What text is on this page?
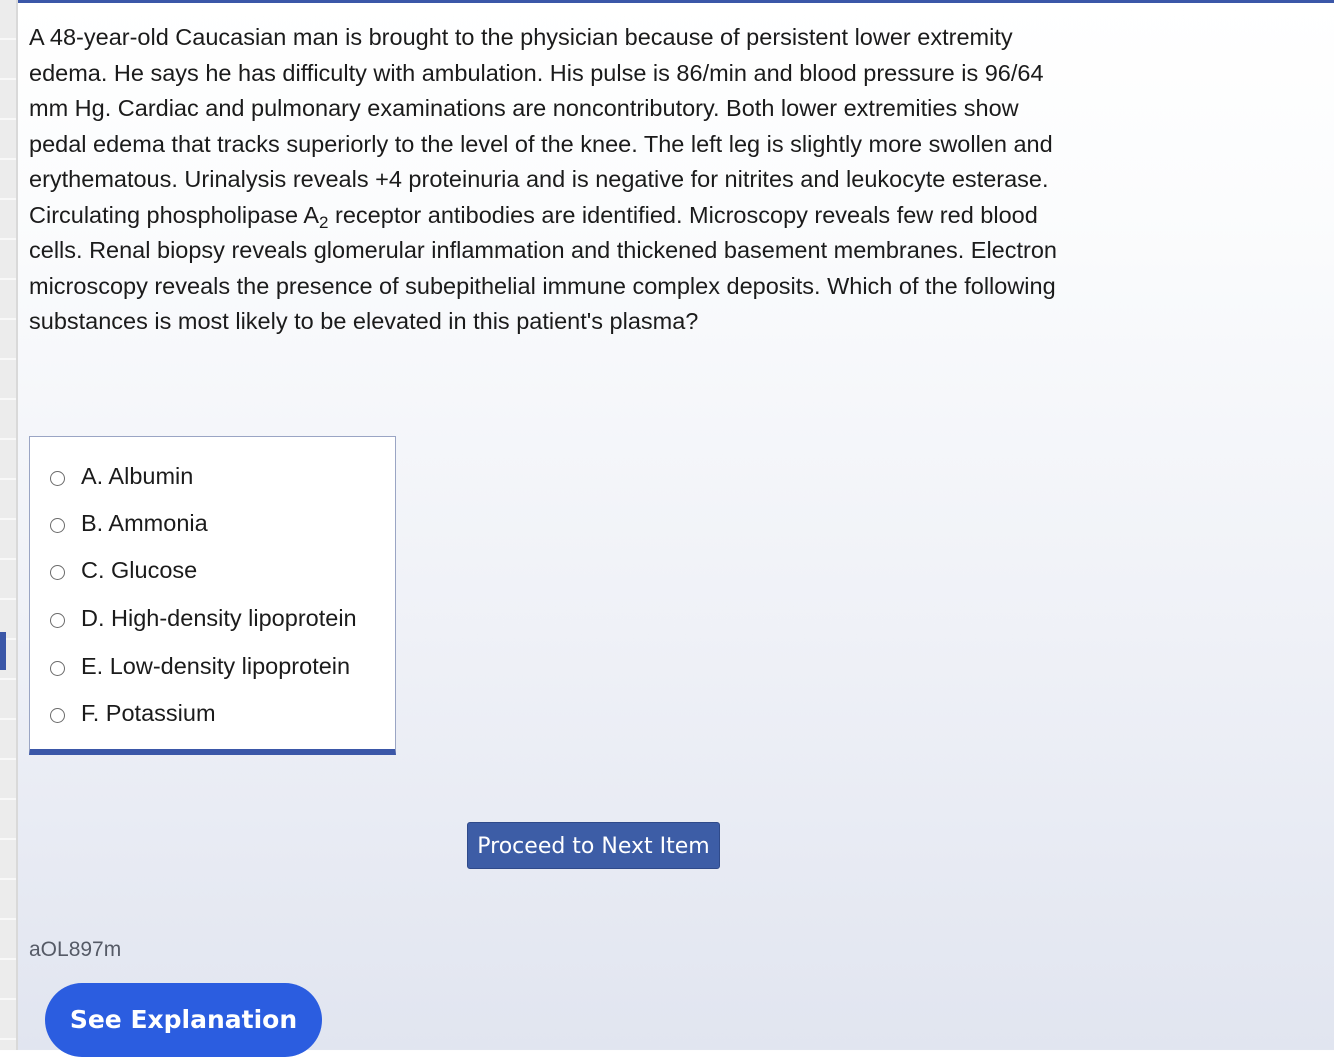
A 48-year-old Caucasian man is brought to the physician because of persistent lower extremity edema. He says he has difficulty with ambulation. His pulse is 86/min and blood pressure is 96/64 mm Hg. Cardiac and pulmonary examinations are noncontributory. Both lower extremities show pedal edema that tracks superiorly to the level of the knee. The left leg is slightly more swollen and erythematous. Urinalysis reveals +4 proteinuria and is negative for nitrites and leukocyte esterase. Circulating phospholipase $A_2$ receptor antibodies are identified. Microscopy reveals few red blood cells. Renal biopsy reveals glomerular inflammation and thickened basement membranes. Electron microscopy reveals the presence of subepithelial immune complex deposits. Which of the following substances is most likely to be elevated in this patient's plasma?

A. Albumin
B. Ammonia
C. Glucose
D. High-density lipoprotein
E. Low-density lipoprotein
F. Potassium
Proceed to Next Item
aOL897m
See Explanation
